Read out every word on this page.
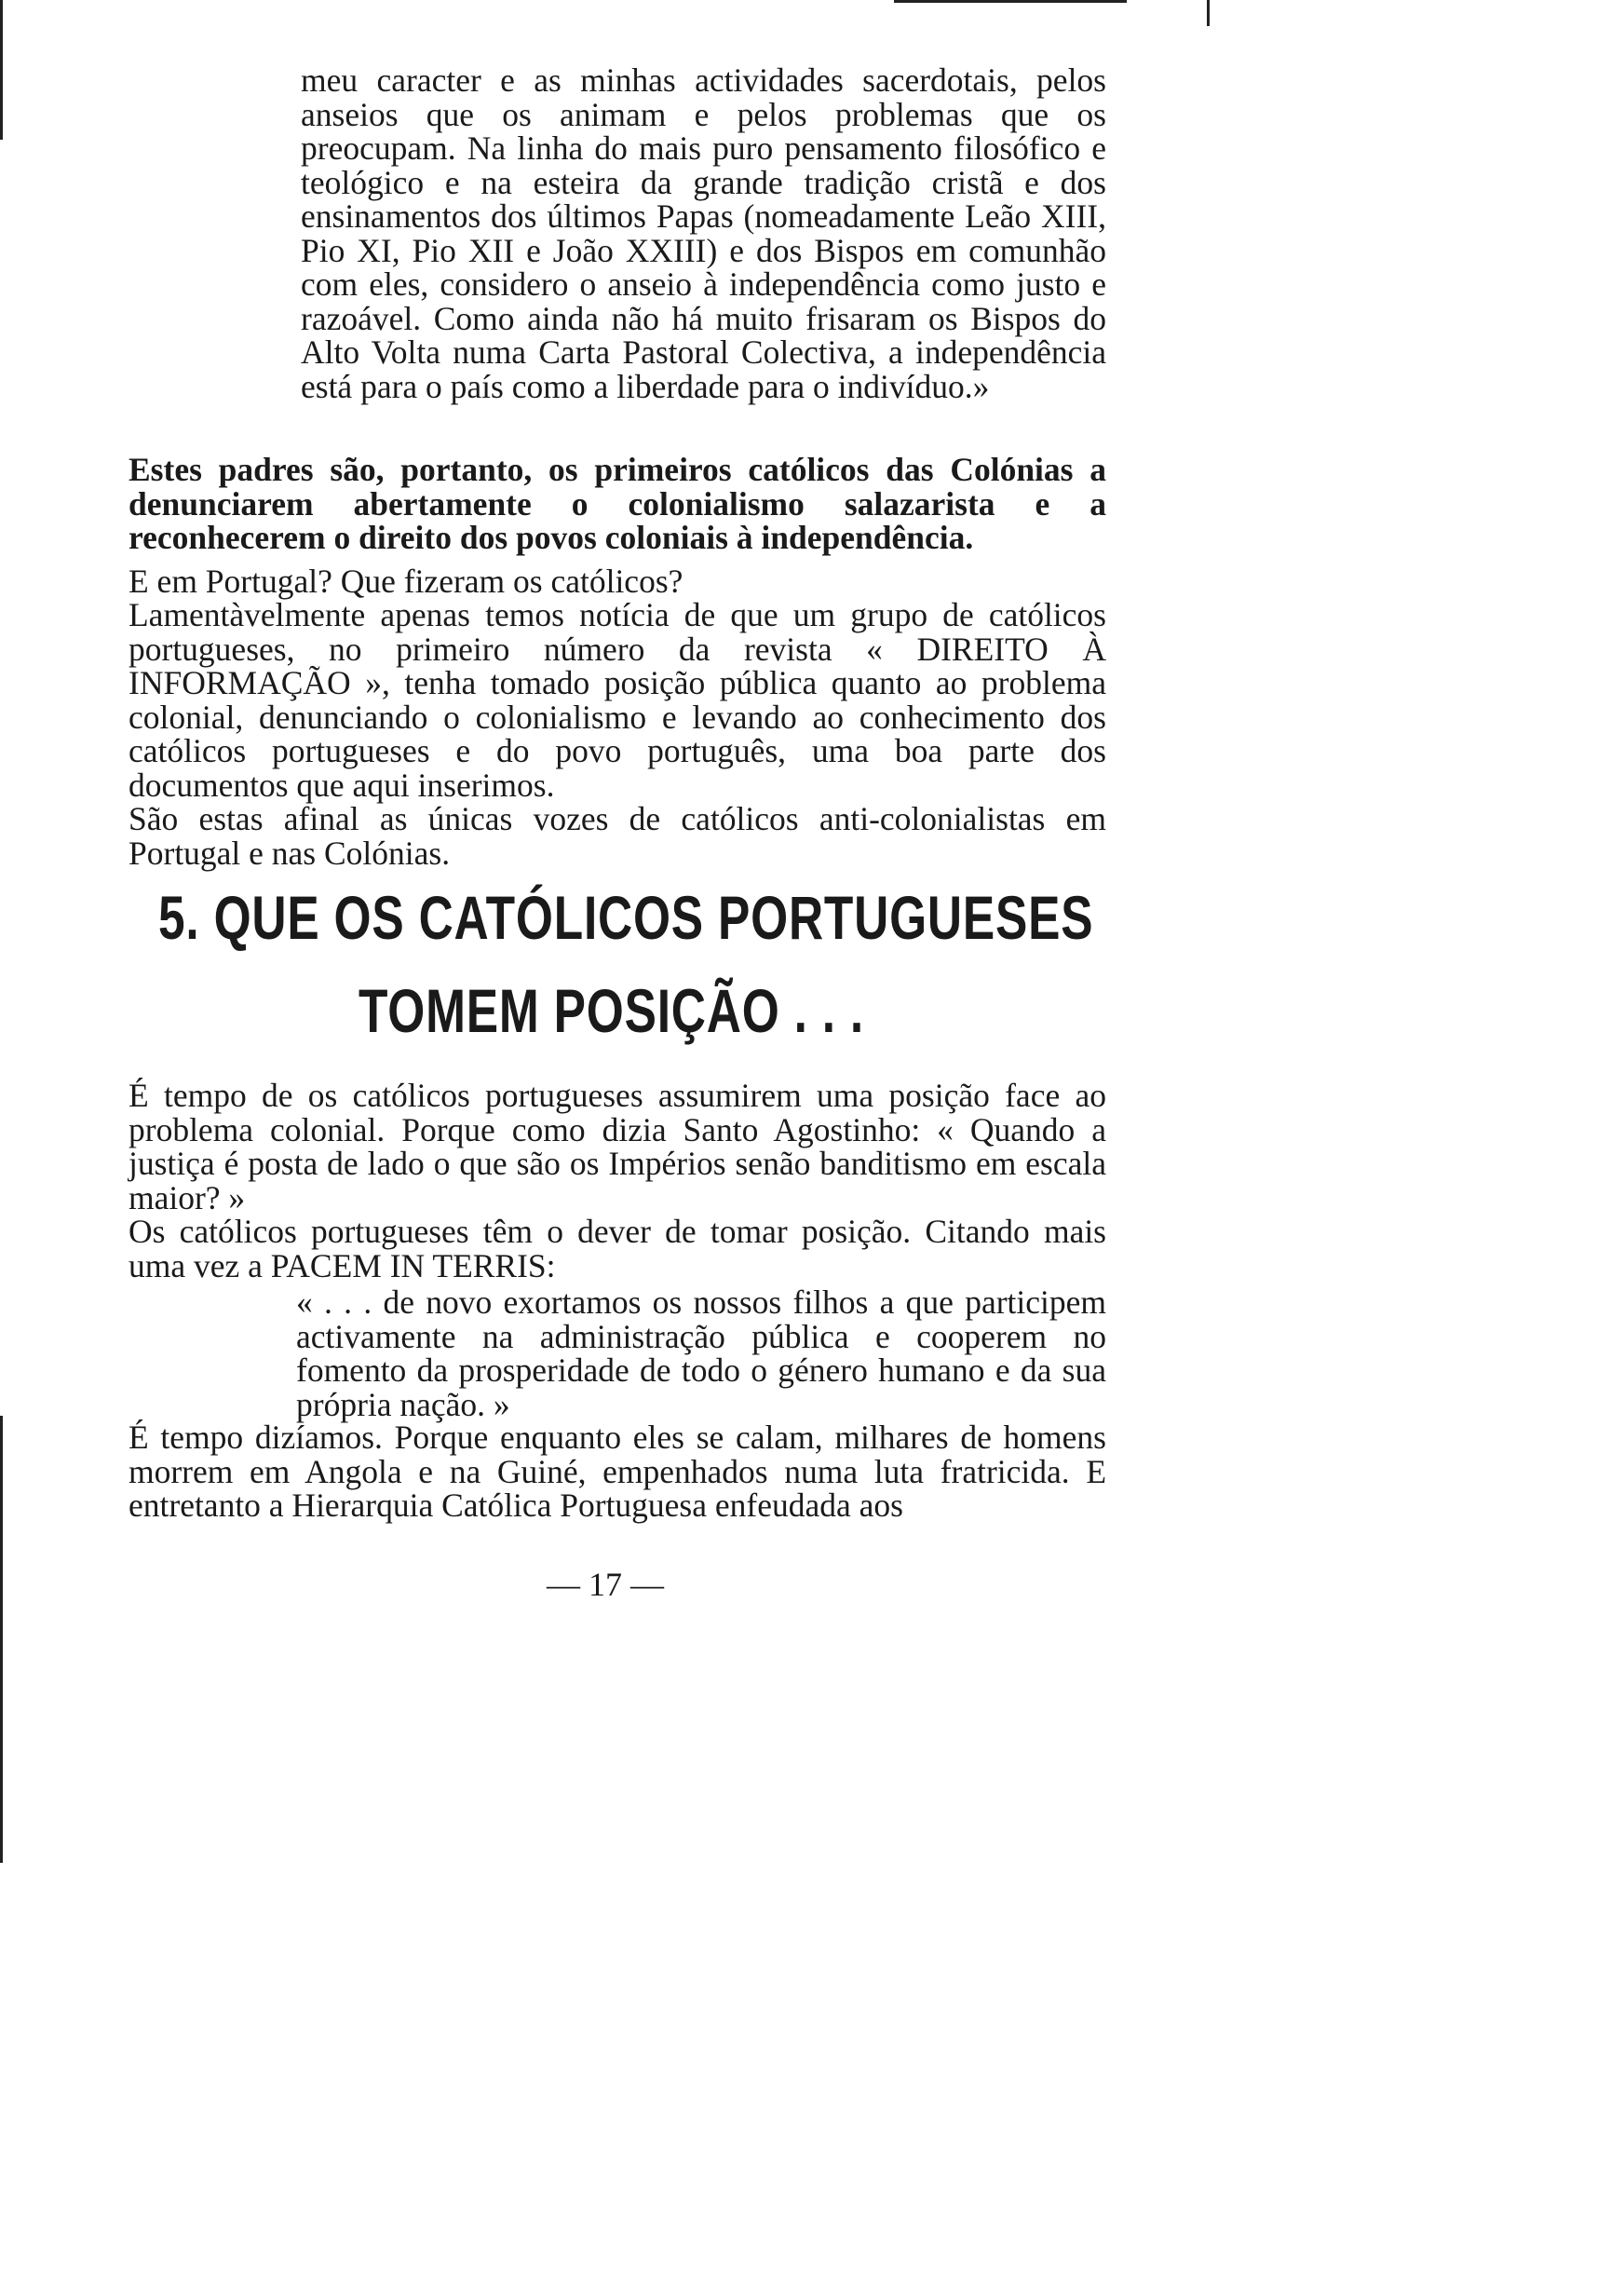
meu caracter e as minhas actividades sacerdotais, pelos anseios que os animam e pelos problemas que os preocupam. Na linha do mais puro pensamento filosófico e teológico e na esteira da grande tradição cristã e dos ensinamentos dos últimos Papas (nomeadamente Leão XIII, Pio XI, Pio XII e João XXIII) e dos Bispos em comunhão com eles, considero o anseio à independência como justo e razoável. Como ainda não há muito frisaram os Bispos do Alto Volta numa Carta Pastoral Colectiva, a independência está para o país como a liberdade para o indivíduo.»

Estes padres são, portanto, os primeiros católicos das Colónias a denunciarem abertamente o colonialismo salazarista e a reconhecerem o direito dos povos coloniais à independência.

E em Portugal? Que fizeram os católicos?

Lamentàvelmente apenas temos notícia de que um grupo de católicos portugueses, no primeiro número da revista « DIREITO À INFORMAÇÃO », tenha tomado posição pública quanto ao problema colonial, denunciando o colonialismo e levando ao conhecimento dos católicos portugueses e do povo português, uma boa parte dos documentos que aqui inserimos.

São estas afinal as únicas vozes de católicos anti-colonialistas em Portugal e nas Colónias.

5. QUE OS CATÓLICOS PORTUGUESES
TOMEM POSIÇÃO . . .

É tempo de os católicos portugueses assumirem uma posição face ao problema colonial. Porque como dizia Santo Agostinho: « Quando a justiça é posta de lado o que são os Impérios senão banditismo em escala maior? »

Os católicos portugueses têm o dever de tomar posição. Citando mais uma vez a PACEM IN TERRIS:

« . . . de novo exortamos os nossos filhos a que participem activamente na administração pública e cooperem no fomento da prosperidade de todo o género humano e da sua própria nação. »

É tempo dizíamos. Porque enquanto eles se calam, milhares de homens morrem em Angola e na Guiné, empenhados numa luta fratricida. E entretanto a Hierarquia Católica Portuguesa enfeudada aos

— 17 —
